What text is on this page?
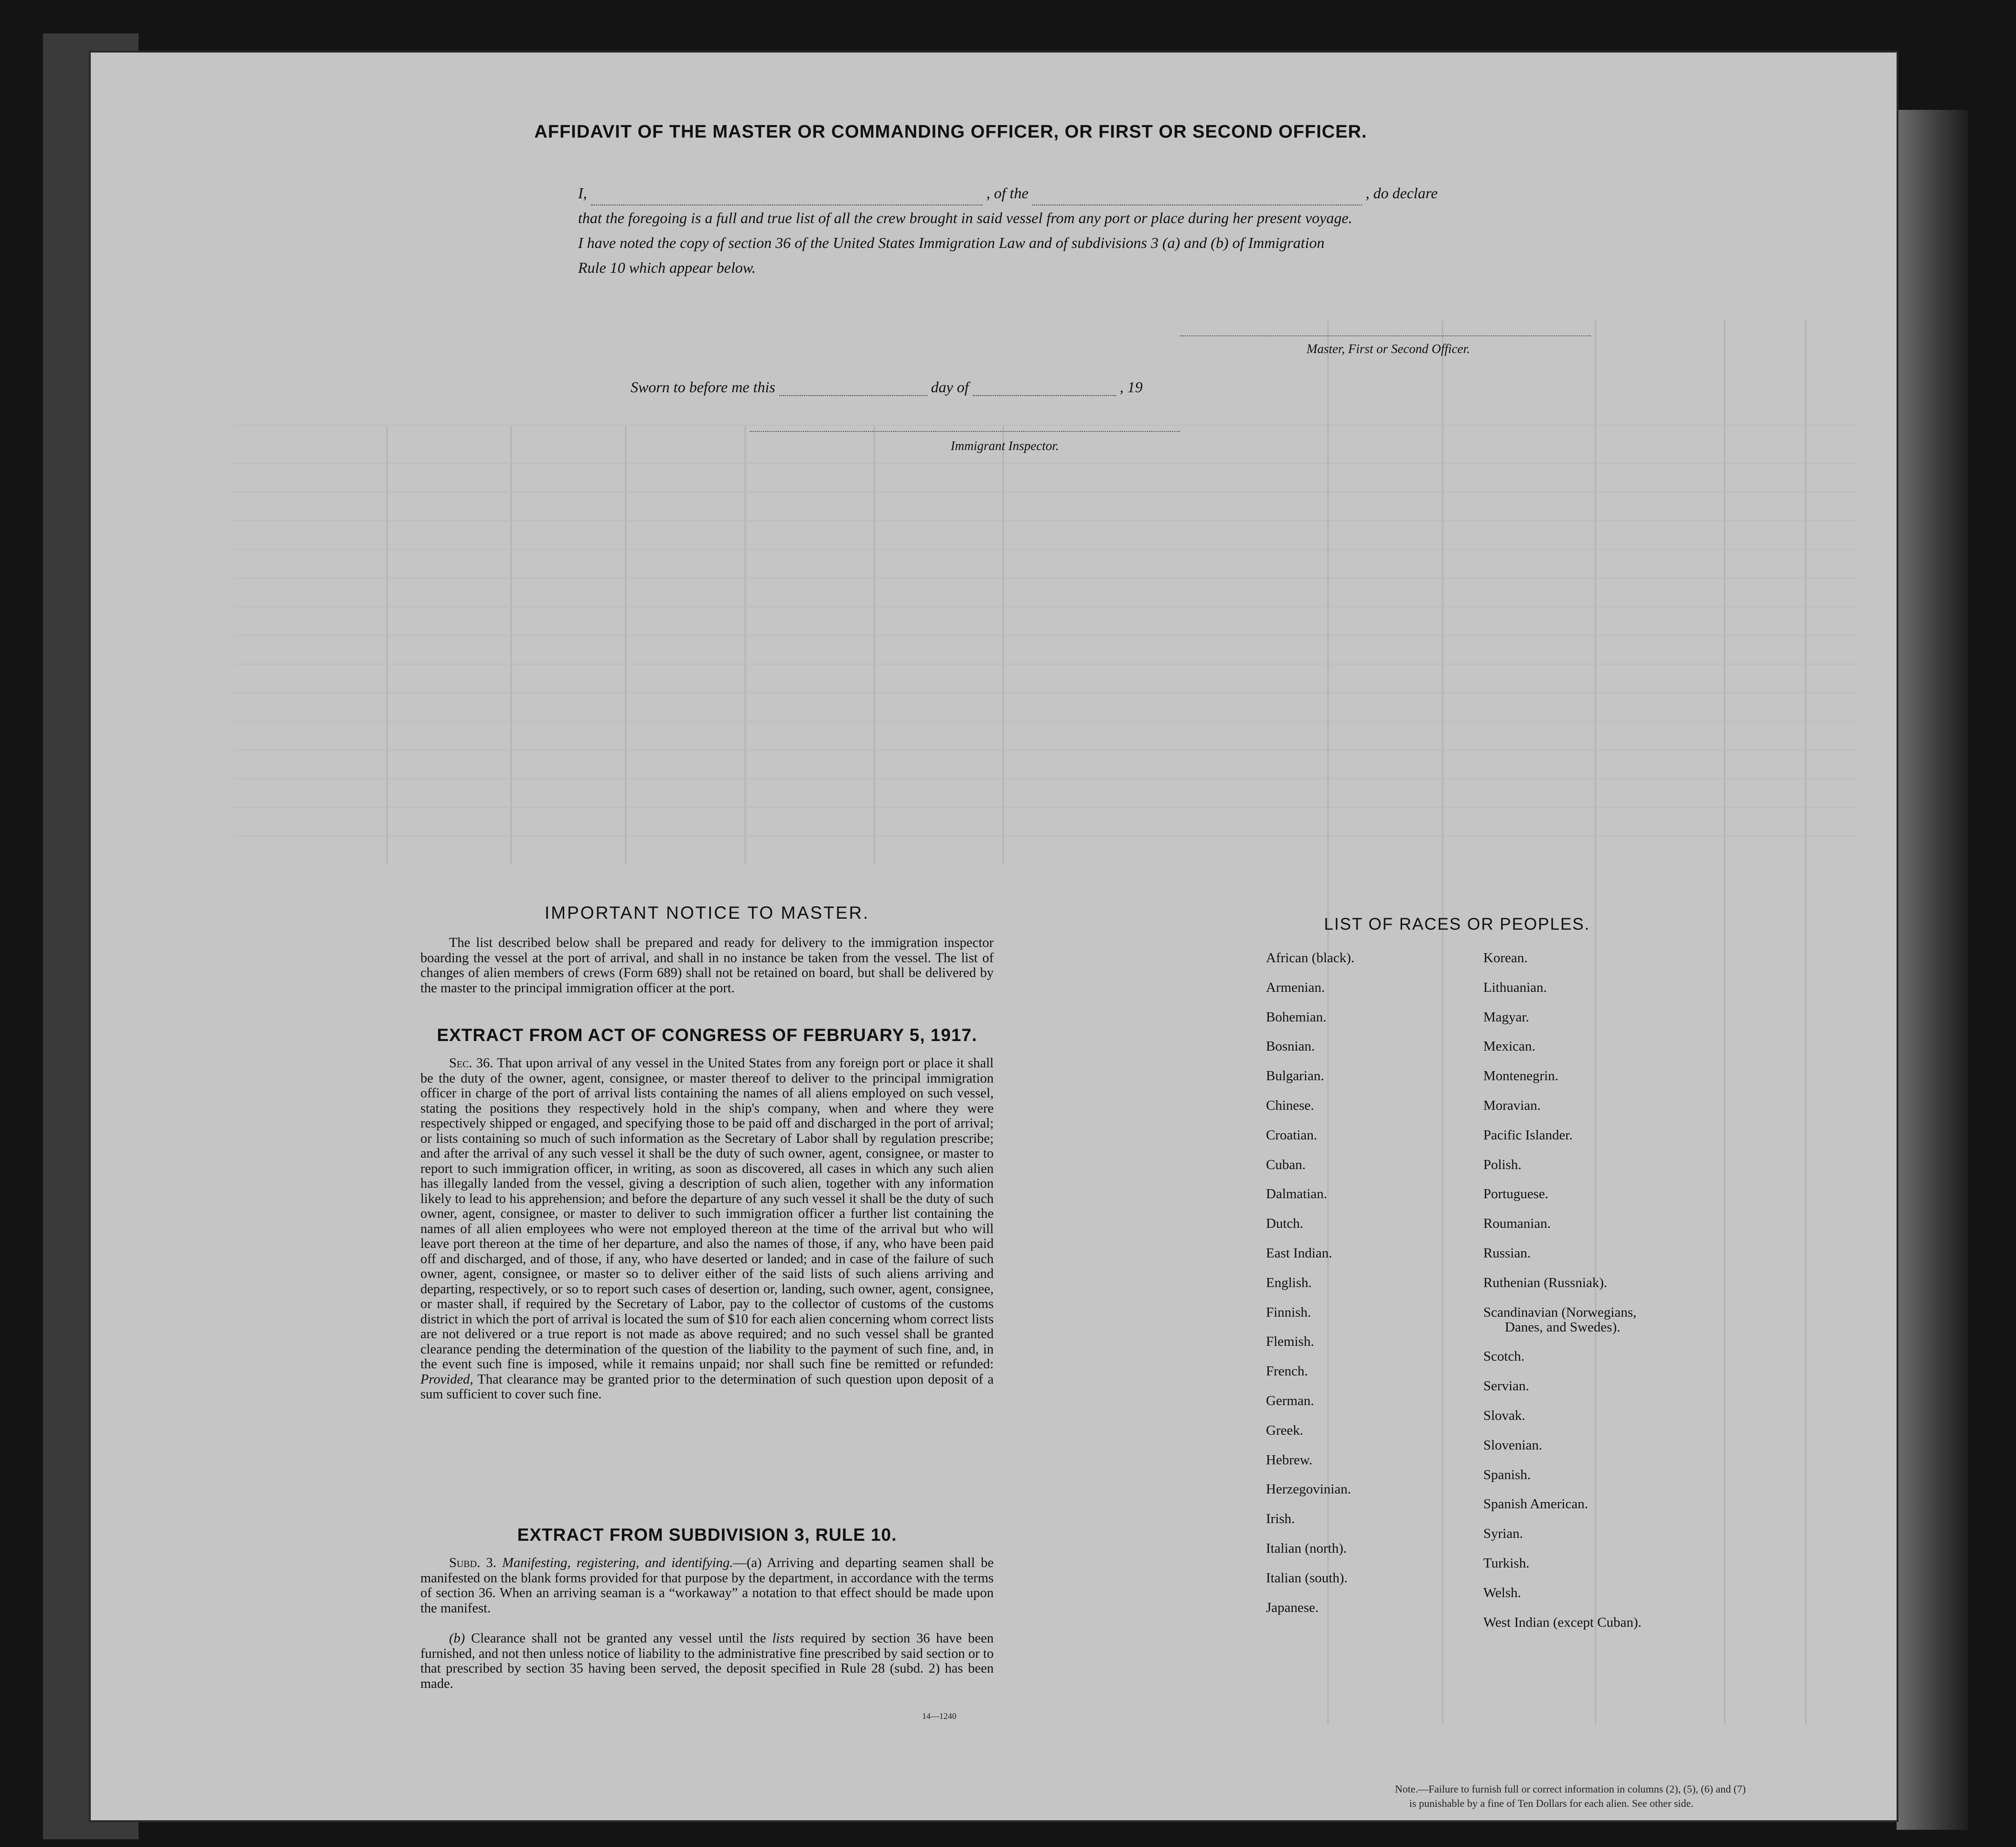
AFFIDAVIT OF THE MASTER OR COMMANDING OFFICER, OR FIRST OR SECOND OFFICER.
I,	, of the	, do declare
that the foregoing is a full and true list of all the crew brought in said vessel from any port or place during her present voyage.
I have noted the copy of section 36 of the United States Immigration Law and of subdivisions 3 (a) and (b) of Immigration
Rule 10 which appear below.
Master, First or Second Officer.
Sworn to before me this	day of	, 19
Immigrant Inspector.
IMPORTANT NOTICE TO MASTER.
The list described below shall be prepared and ready for delivery to the immigration inspector boarding the vessel at the port of arrival, and shall in no instance be taken from the vessel. The list of changes of alien members of crews (Form 689) shall not be retained on board, but shall be delivered by the master to the principal immigration officer at the port.
EXTRACT FROM ACT OF CONGRESS OF FEBRUARY 5, 1917.
Sec. 36. That upon arrival of any vessel in the United States from any foreign port or place it shall be the duty of the owner, agent, consignee, or master thereof to deliver to the principal immigration officer in charge of the port of arrival lists containing the names of all aliens employed on such vessel, stating the positions they respectively hold in the ship's company, when and where they were respectively shipped or engaged, and specifying those to be paid off and discharged in the port of arrival; or lists containing so much of such information as the Secretary of Labor shall by regulation prescribe; and after the arrival of any such vessel it shall be the duty of such owner, agent, consignee, or master to report to such immigration officer, in writing, as soon as discovered, all cases in which any such alien has illegally landed from the vessel, giving a description of such alien, together with any information likely to lead to his apprehension; and before the departure of any such vessel it shall be the duty of such owner, agent, consignee, or master to deliver to such immigration officer a further list containing the names of all alien employees who were not employed thereon at the time of the arrival but who will leave port thereon at the time of her departure, and also the names of those, if any, who have been paid off and discharged, and of those, if any, who have deserted or landed; and in case of the failure of such owner, agent, consignee, or master so to deliver either of the said lists of such aliens arriving and departing, respectively, or so to report such cases of desertion or, landing, such owner, agent, consignee, or master shall, if required by the Secretary of Labor, pay to the collector of customs of the customs district in which the port of arrival is located the sum of $10 for each alien concerning whom correct lists are not delivered or a true report is not made as above required; and no such vessel shall be granted clearance pending the determination of the question of the liability to the payment of such fine, and, in the event such fine is imposed, while it remains unpaid; nor shall such fine be remitted or refunded: Provided, That clearance may be granted prior to the determination of such question upon deposit of a sum sufficient to cover such fine.
EXTRACT FROM SUBDIVISION 3, RULE 10.
Subd. 3. Manifesting, registering, and identifying.—(a) Arriving and departing seamen shall be manifested on the blank forms provided for that purpose by the department, in accordance with the terms of section 36. When an arriving seaman is a “workaway” a notation to that effect should be made upon the manifest.
(b) Clearance shall not be granted any vessel until the lists required by section 36 have been furnished, and not then unless notice of liability to the administrative fine prescribed by said section or to that prescribed by section 35 having been served, the deposit specified in Rule 28 (subd. 2) has been made.
14—1240
LIST OF RACES OR PEOPLES.
African (black).
Armenian.
Bohemian.
Bosnian.
Bulgarian.
Chinese.
Croatian.
Cuban.
Dalmatian.
Dutch.
East Indian.
English.
Finnish.
Flemish.
French.
German.
Greek.
Hebrew.
Herzegovinian.
Irish.
Italian (north).
Italian (south).
Japanese.
Korean.
Lithuanian.
Magyar.
Mexican.
Montenegrin.
Moravian.
Pacific Islander.
Polish.
Portuguese.
Roumanian.
Russian.
Ruthenian (Russniak).
Scandinavian (Norwegians,
Danes, and Swedes).
Scotch.
Servian.
Slovak.
Slovenian.
Spanish.
Spanish American.
Syrian.
Turkish.
Welsh.
West Indian (except Cuban).
Note.—Failure to furnish full or correct information in columns (2), (5), (6) and (7)
is punishable by a fine of Ten Dollars for each alien. See other side.
